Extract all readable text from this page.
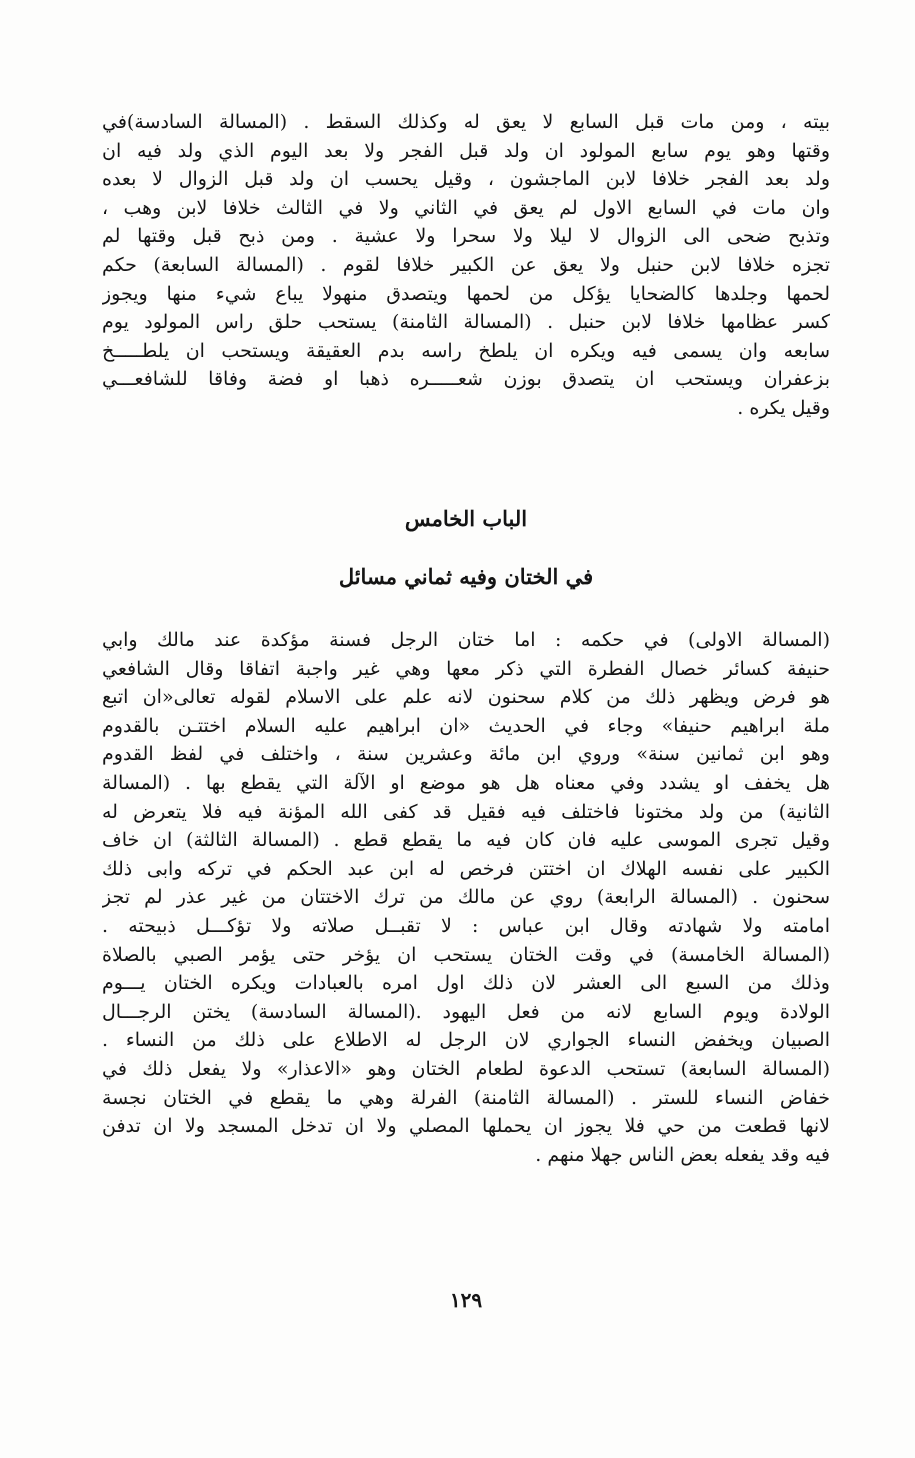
بيته ، ومن مات قبل السابع لا يعق له وكذلك السقط . (المسالة السادسة)في
وقتها وهو يوم سابع المولود ان ولد قبل الفجر ولا بعد اليوم الذي ولد فيه ان
ولد بعد الفجر خلافا لابن الماجشون ، وقيل يحسب ان ولد قبل الزوال لا بعده
وان مات في السابع الاول لم يعق في الثاني ولا في الثالث خلافا لابن وهب ،
وتذبح ضحى الى الزوال لا ليلا ولا سحرا ولا عشية . ومن ذبح قبل وقتها لم
تجزه خلافا لابن حنبل ولا يعق عن الكبير خلافا لقوم . (المسالة السابعة) حكم
لحمها وجلدها كالضحايا يؤكل من لحمها ويتصدق منهولا يباع شيء منها ويجوز
كسر عظامها خلافا لابن حنبل . (المسالة الثامنة) يستحب حلق راس المولود يوم
سابعه وان يسمى فيه ويكره ان يلطخ راسه بدم العقيقة ويستحب ان يلطـــــخ
بزعفران ويستحب ان يتصدق بوزن شعـــــره ذهبا او فضة وفاقا للشافعـــي
وقيل يكره .
الباب الخامس
في الختان وفيه ثماني مسائل
(المسالة الاولى) في حكمه : اما ختان الرجل فسنة مؤكدة عند مالك وابي
حنيفة كسائر خصال الفطرة التي ذكر معها وهي غير واجبة اتفاقا وقال الشافعي
هو فرض ويظهر ذلك من كلام سحنون لانه علم على الاسلام لقوله تعالى«ان اتبع
ملة ابراهيم حنيفا» وجاء في الحديث «ان ابراهيم عليه السلام اختتـن بالقدوم
وهو ابن ثمانين سنة» وروي ابن مائة وعشرين سنة ، واختلف في لفظ القدوم
هل يخفف او يشدد وفي معناه هل هو موضع او الآلة التي يقطع بها . (المسالة
الثانية) من ولد مختونا فاختلف فيه فقيل قد كفى الله المؤنة فيه فلا يتعرض له
وقيل تجرى الموسى عليه فان كان فيه ما يقطع قطع . (المسالة الثالثة) ان خاف
الكبير على نفسه الهلاك ان اختتن فرخص له ابن عبد الحكم في تركه وابى ذلك
سحنون . (المسالة الرابعة) روي عن مالك من ترك الاختتان من غير عذر لم تجز
امامته ولا شهادته وقال ابن عباس : لا تقبــل صلاته ولا تؤكـــل ذبيحته .
(المسالة الخامسة) في وقت الختان يستحب ان يؤخر حتى يؤمر الصبي بالصلاة
وذلك من السبع الى العشر لان ذلك اول امره بالعبادات ويكره الختان يـــوم
الولادة ويوم السابع لانه من فعل اليهود .(المسالة السادسة) يختن الرجـــال
الصبيان ويخفض النساء الجواري لان الرجل له الاطلاع على ذلك من النساء .
(المسالة السابعة) تستحب الدعوة لطعام الختان وهو «الاعذار» ولا يفعل ذلك في
خفاض النساء للستر . (المسالة الثامنة) الفرلة وهي ما يقطع في الختان نجسة
لانها قطعت من حي فلا يجوز ان يحملها المصلي ولا ان تدخل المسجد ولا ان تدفن
فيه وقد يفعله بعض الناس جهلا منهم .
١٢٩
